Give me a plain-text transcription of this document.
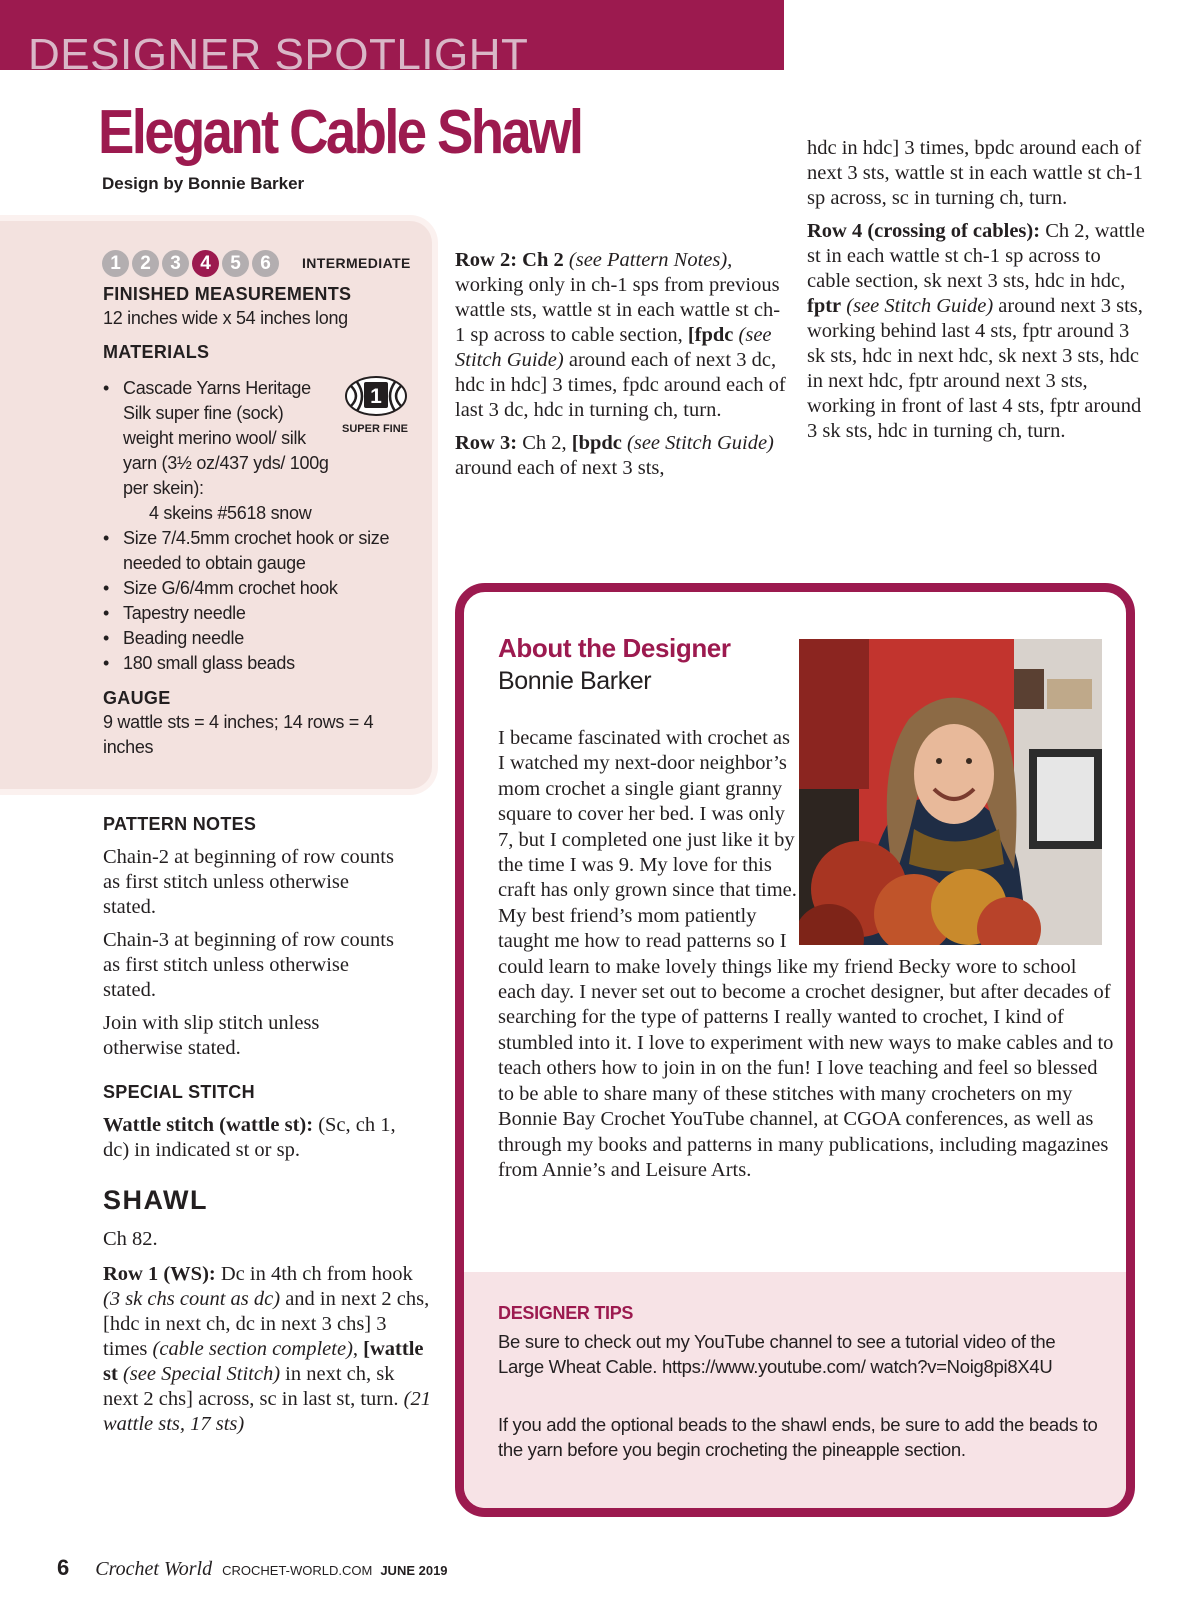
DESIGNER SPOTLIGHT
Elegant Cable Shawl
Design by Bonnie Barker
1	2	3	4	5	6	INTERMEDIATE
FINISHED MEASUREMENTS
12 inches wide x 54 inches long
MATERIALS
• Cascade Yarns Heritage Silk super fine (sock) weight merino wool/ silk yarn (3½ oz/437 yds/ 100g per skein):
4 skeins #5618 snow
• Size 7/4.5mm crochet hook or size needed to obtain gauge
• Size G/6/4mm crochet hook
• Tapestry needle
• Beading needle
• 180 small glass beads
1
SUPER FINE
GAUGE
9 wattle sts = 4 inches; 14 rows = 4 inches
PATTERN NOTES
Chain-2 at beginning of row counts as first stitch unless otherwise stated.
Chain-3 at beginning of row counts as first stitch unless otherwise stated.
Join with slip stitch unless otherwise stated.
SPECIAL STITCH
Wattle stitch (wattle st): (Sc, ch 1, dc) in indicated st or sp.
SHAWL
Ch 82.
Row 1 (WS): Dc in 4th ch from hook (3 sk chs count as dc) and in next 2 chs, [hdc in next ch, dc in next 3 chs] 3 times (cable section complete), [wattle st (see Special Stitch) in next ch, sk next 2 chs] across, sc in last st, turn. (21 wattle sts, 17 sts)
Row 2: Ch 2 (see Pattern Notes), working only in ch-1 sps from previous wattle sts, wattle st in each wattle st ch-1 sp across to cable section, [fpdc (see Stitch Guide) around each of next 3 dc, hdc in hdc] 3 times, fpdc around each of last 3 dc, hdc in turning ch, turn.
Row 3: Ch 2, [bpdc (see Stitch Guide) around each of next 3 sts,
hdc in hdc] 3 times, bpdc around each of next 3 sts, wattle st in each wattle st ch-1 sp across, sc in turning ch, turn.
Row 4 (crossing of cables): Ch 2, wattle st in each wattle st ch-1 sp across to cable section, sk next 3 sts, hdc in hdc, fptr (see Stitch Guide) around next 3 sts, working behind last 4 sts, fptr around 3 sk sts, hdc in next hdc, sk next 3 sts, hdc in next hdc, fptr around next 3 sts, working in front of last 4 sts, fptr around 3 sk sts, hdc in turning ch, turn.
About the Designer
Bonnie Barker
I became fascinated with crochet as I watched my next-door neighbor’s mom crochet a single giant granny square to cover her bed. I was only 7, but I completed one just like it by the time I was 9. My love for this craft has only grown since that time. My best friend’s mom patiently taught me how to read patterns so I could learn to make lovely things like my friend Becky wore to school each day. I never set out to become a crochet designer, but after decades of searching for the type of patterns I really wanted to crochet, I kind of stumbled into it. I love to experiment with new ways to make cables and to teach others how to join in on the fun! I love teaching and feel so blessed to be able to share many of these stitches with many crocheters on my Bonnie Bay Crochet YouTube channel, at CGOA conferences, as well as through my books and patterns in many publications, including magazines from Annie’s and Leisure Arts.
DESIGNER TIPS
Be sure to check out my YouTube channel to see a tutorial video of the Large Wheat Cable. https://www.youtube.com/ watch?v=Noig8pi8X4U
If you add the optional beads to the shawl ends, be sure to add the beads to the yarn before you begin crocheting the pineapple section.
6 Crochet World CROCHET-WORLD.COM JUNE 2019
